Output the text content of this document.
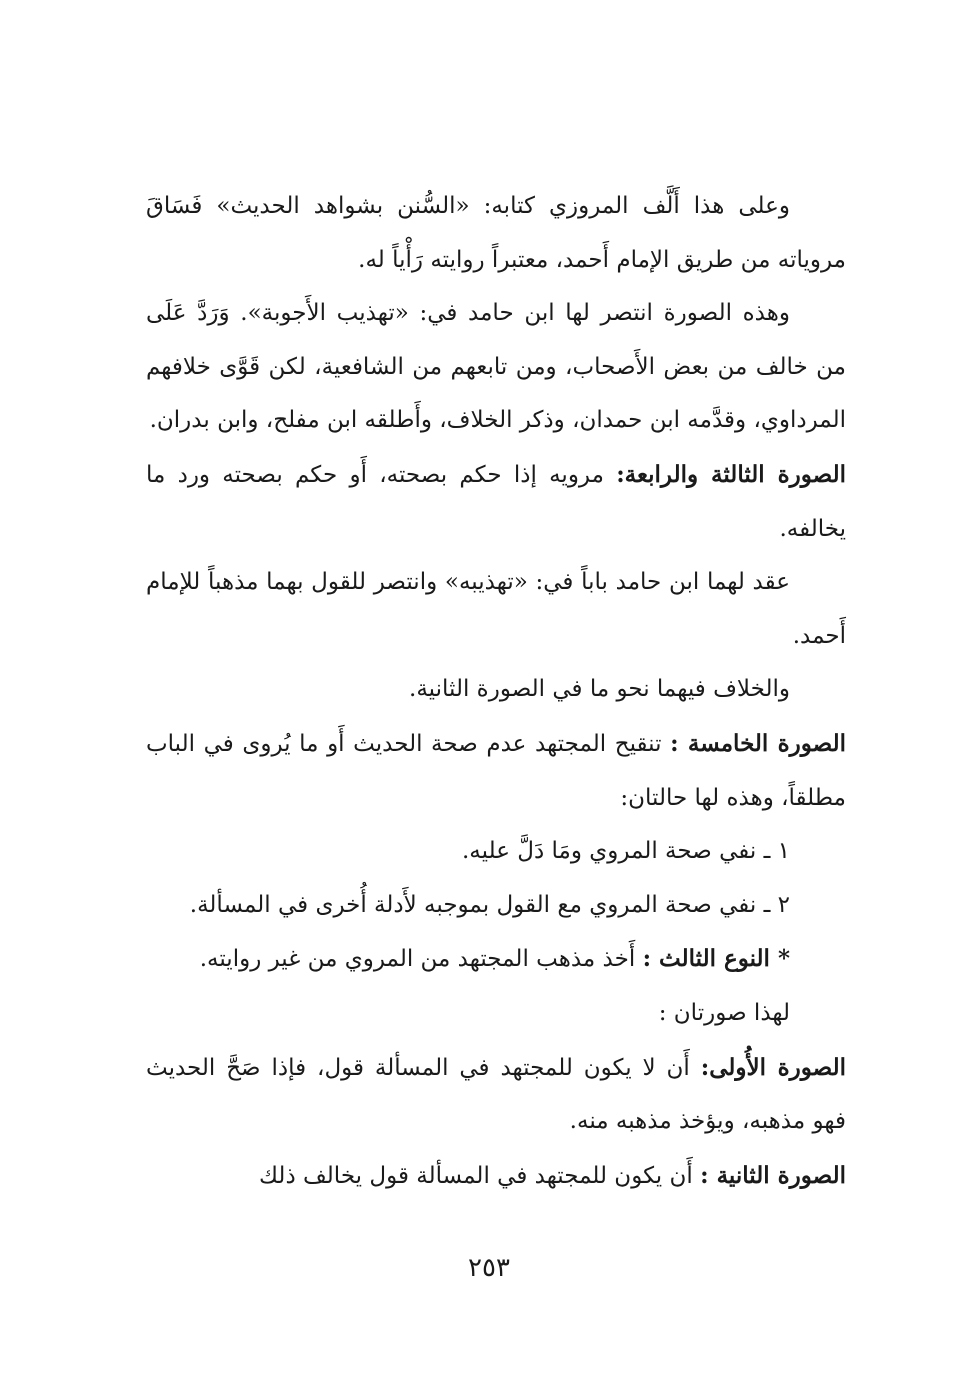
وعلى هذا أَلَّف المروزي كتابه: «السُّنن بشواهد الحديث» فَسَاقَ مروياته من طريق الإمام أَحمد، معتبراً روايته رَأْياً له.

وهذه الصورة انتصر لها ابن حامد في: «تهذيب الأَجوبة». وَرَدَّ عَلَى من خالف من بعض الأَصحاب، ومن تابعهم من الشافعية، لكن قَوَّى خلافهم المرداوي، وقدَّمه ابن حمدان، وذكر الخلاف، وأَطلقه ابن مفلح، وابن بدران.

الصورة الثالثة والرابعة: مرويه إذا حكم بصحته، أَو حكم بصحته ورد ما يخالفه.

عقد لهما ابن حامد باباً في: «تهذيبه» وانتصر للقول بهما مذهباً للإمام أَحمد.

والخلاف فيهما نحو ما في الصورة الثانية.

الصورة الخامسة : تنقيح المجتهد عدم صحة الحديث أَو ما يُروى في الباب مطلقاً، وهذه لها حالتان:

١ ـ نفي صحة المروي ومَا دَلَّ عليه.

٢ ـ نفي صحة المروي مع القول بموجبه لأَدلة أُخرى في المسألة.

* النوع الثالث : أَخذ مذهب المجتهد من المروي من غير روايته.

لهذا صورتان :

الصورة الأُولى: أَن لا يكون للمجتهد في المسألة قول، فإذا صَحَّ الحديث فهو مذهبه، ويؤخذ مذهبه منه.

الصورة الثانية : أَن يكون للمجتهد في المسألة قول يخالف ذلك

٢٥٣
